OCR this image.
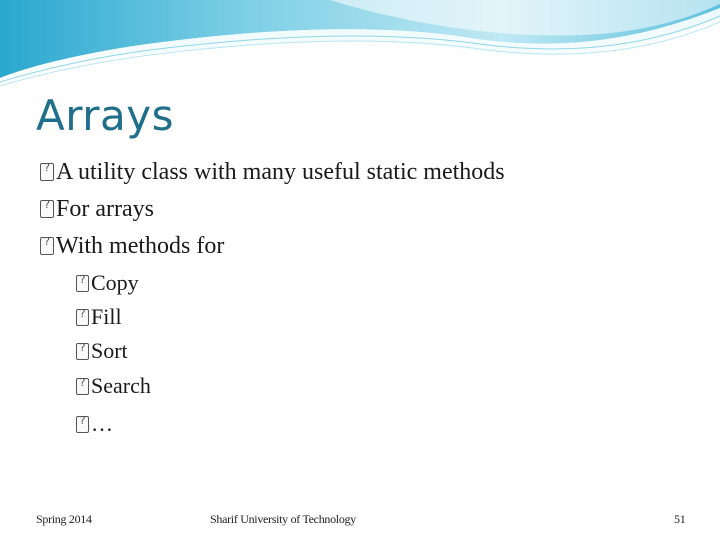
Arrays
?
A utility class with many useful static methods
?
For arrays
?
With methods for
?
Copy
?
Fill
?
Sort
?
Search
?
…
Spring 2014	Sharif University of Technology	51
